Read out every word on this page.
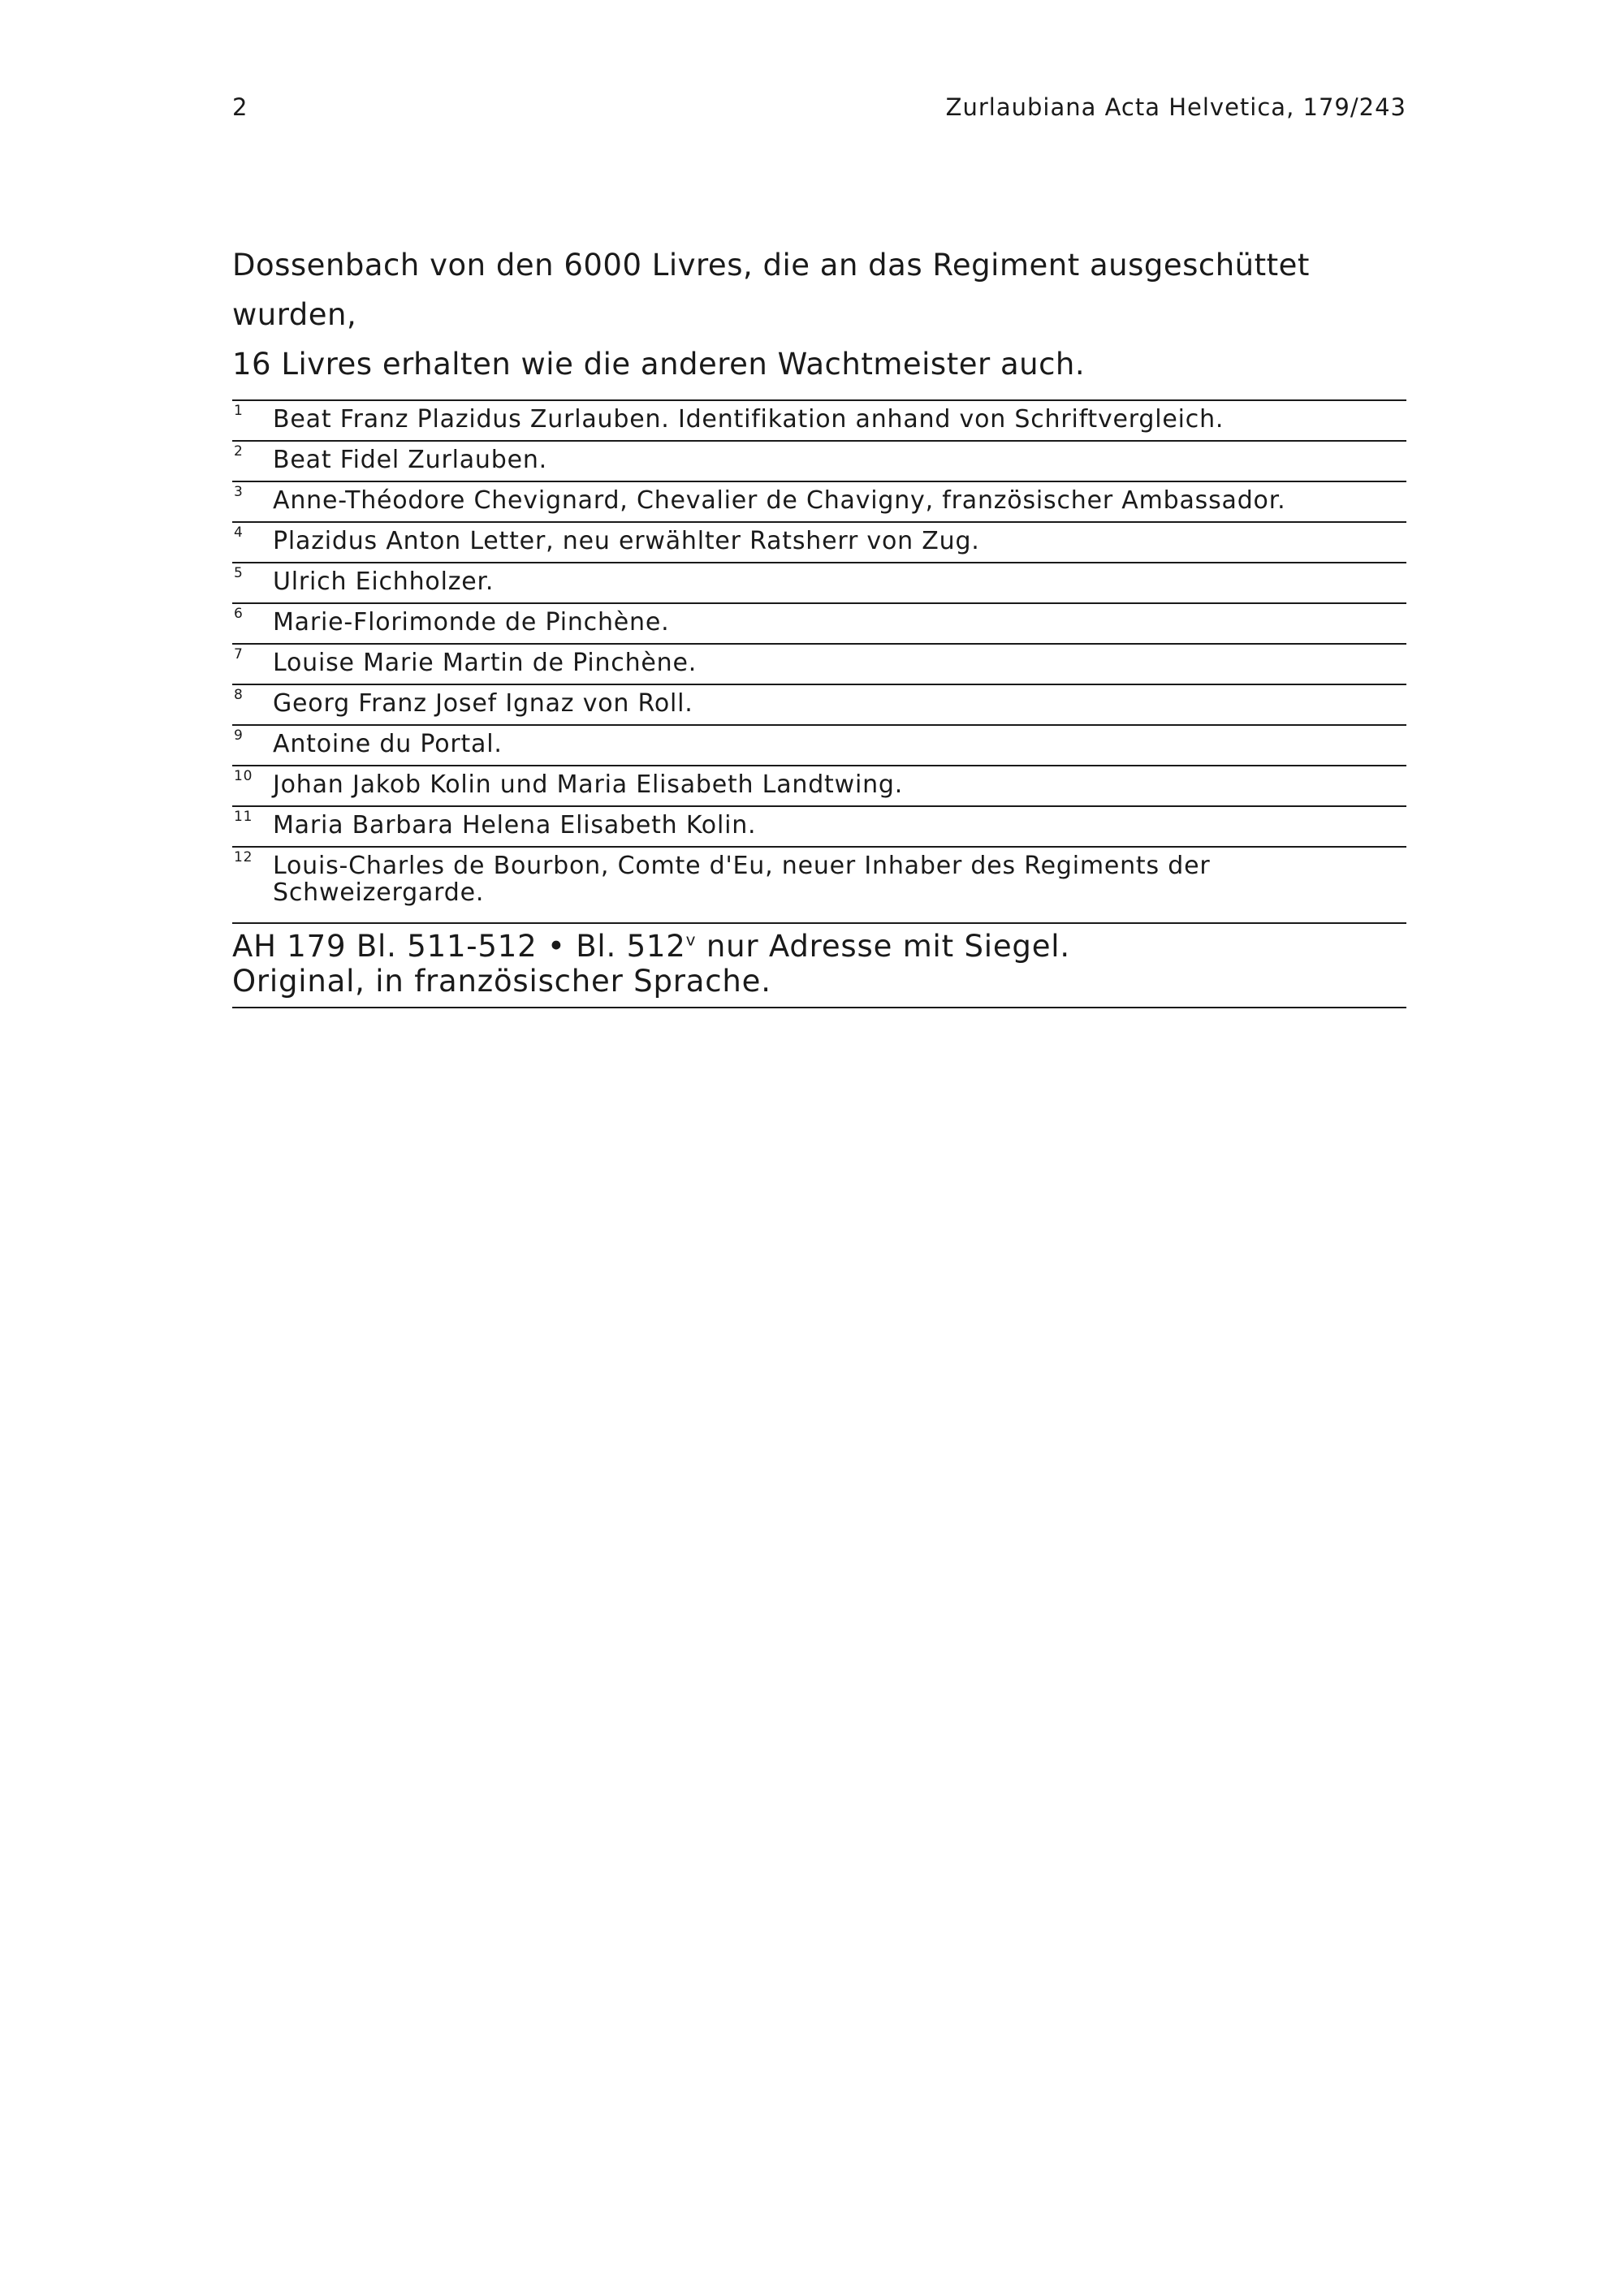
2	Zurlaubiana Acta Helvetica, 179/243

Dossenbach von den 6000 Livres, die an das Regiment ausgeschüttet wurden,

16 Livres erhalten wie die anderen Wachtmeister auch.

1	Beat Franz Plazidus Zurlauben. Identifikation anhand von Schriftvergleich.
2	Beat Fidel Zurlauben.
3	Anne-Théodore Chevignard, Chevalier de Chavigny, französischer Ambassador.
4	Plazidus Anton Letter, neu erwählter Ratsherr von Zug.
5	Ulrich Eichholzer.
6	Marie-Florimonde de Pinchène.
7	Louise Marie Martin de Pinchène.
8	Georg Franz Josef Ignaz von Roll.
9	Antoine du Portal.
10 Johan Jakob Kolin und Maria Elisabeth Landtwing.
11 Maria Barbara Helena Elisabeth Kolin.
12 Louis-Charles de Bourbon, Comte d'Eu, neuer Inhaber des Regiments der Schweizergarde.

AH 179 Bl. 511-512 • Bl. 512$^v$ nur Adresse mit Siegel.

Original, in französischer Sprache.
